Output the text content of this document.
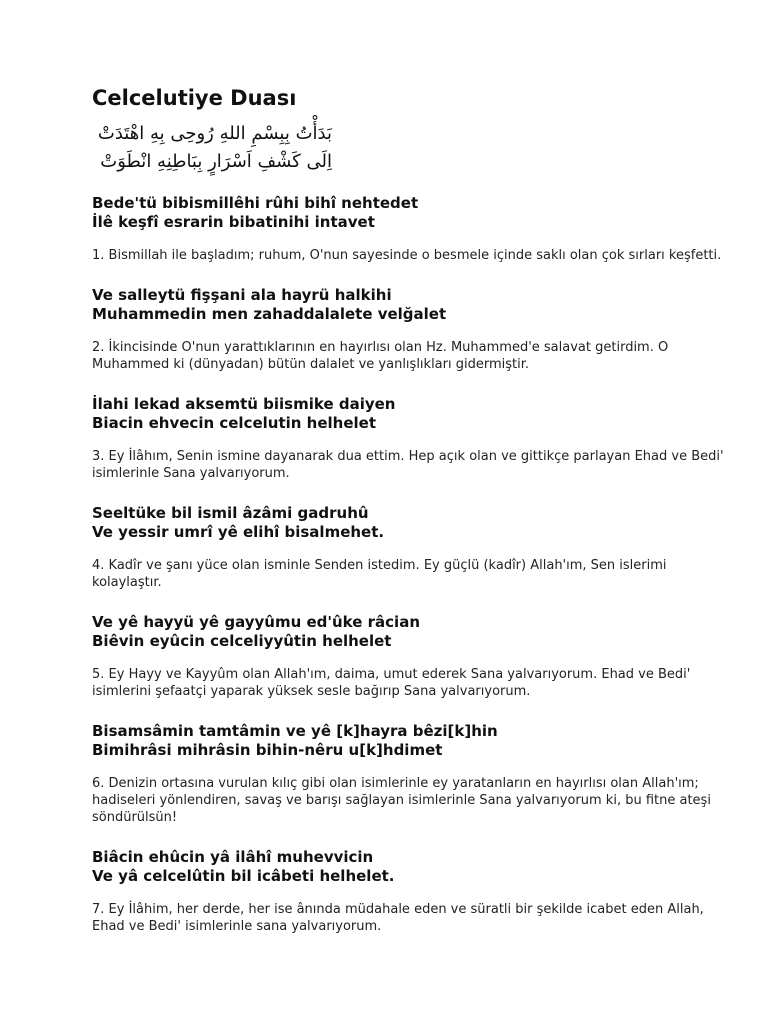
Celcelutiye Duası
بَدَأْتُ بِبِسْمِ اللهِ رُوحِى بِهِ اهْتَدَتْ
اِلَى كَشْفِ اَسْرَارٍ بِبَاطِنِهِ انْطَوَتْ
Bede'tü bibismillêhi rûhi bihî nehtedet
İlê keşfî esrarin bibatinihi intavet
1. Bismillah ile başladım; ruhum, O'nun sayesinde o besmele içinde saklı olan çok sırları keşfetti.
Ve salleytü fişşani ala hayrü halkihi
Muhammedin men zahaddalalete velğalet
2. İkincisinde O'nun yarattıklarının en hayırlısı olan Hz. Muhammed'e salavat getirdim. O Muhammed ki (dünyadan) bütün dalalet ve yanlışlıkları gidermiştir.
İlahi lekad aksemtü biismike daiyen
Biacin ehvecin celcelutin helhelet
3. Ey İlâhım, Senin ismine dayanarak dua ettim. Hep açık olan ve gittikçe parlayan Ehad ve Bedi' isimlerinle Sana yalvarıyorum.
Seeltüke bil ismil âzâmi gadruhû
Ve yessir umrî yê elihî bisalmehet.
4. Kadîr ve şanı yüce olan isminle Senden istedim. Ey güçlü (kadîr) Allah'ım, Sen islerimi kolaylaştır.
Ve yê hayyü yê gayyûmu ed'ûke râcian
Biêvin eyûcin celceliyyûtin helhelet
5. Ey Hayy ve Kayyûm olan Allah'ım, daima, umut ederek Sana yalvarıyorum. Ehad ve Bedi' isimlerini şefaatçi yaparak yüksek sesle bağırıp Sana yalvarıyorum.
Bisamsâmin tamtâmin ve yê [k]hayra bêzi[k]hin
Bimihrâsi mihrâsin bihin-nêru u[k]hdimet
6. Denizin ortasına vurulan kılıç gibi olan isimlerinle ey yaratanların en hayırlısı olan Allah'ım; hadiseleri yönlendiren, savaş ve barışı sağlayan isimlerinle Sana yalvarıyorum ki, bu fitne ateşi söndürülsün!
Biâcin ehûcin yâ ilâhî muhevvicin
Ve yâ celcelûtin bil icâbeti helhelet.
7. Ey İlâhim, her derde, her ise ânında müdahale eden ve süratli bir şekilde icabet eden Allah, Ehad ve Bedi' isimlerinle sana yalvarıyorum.
